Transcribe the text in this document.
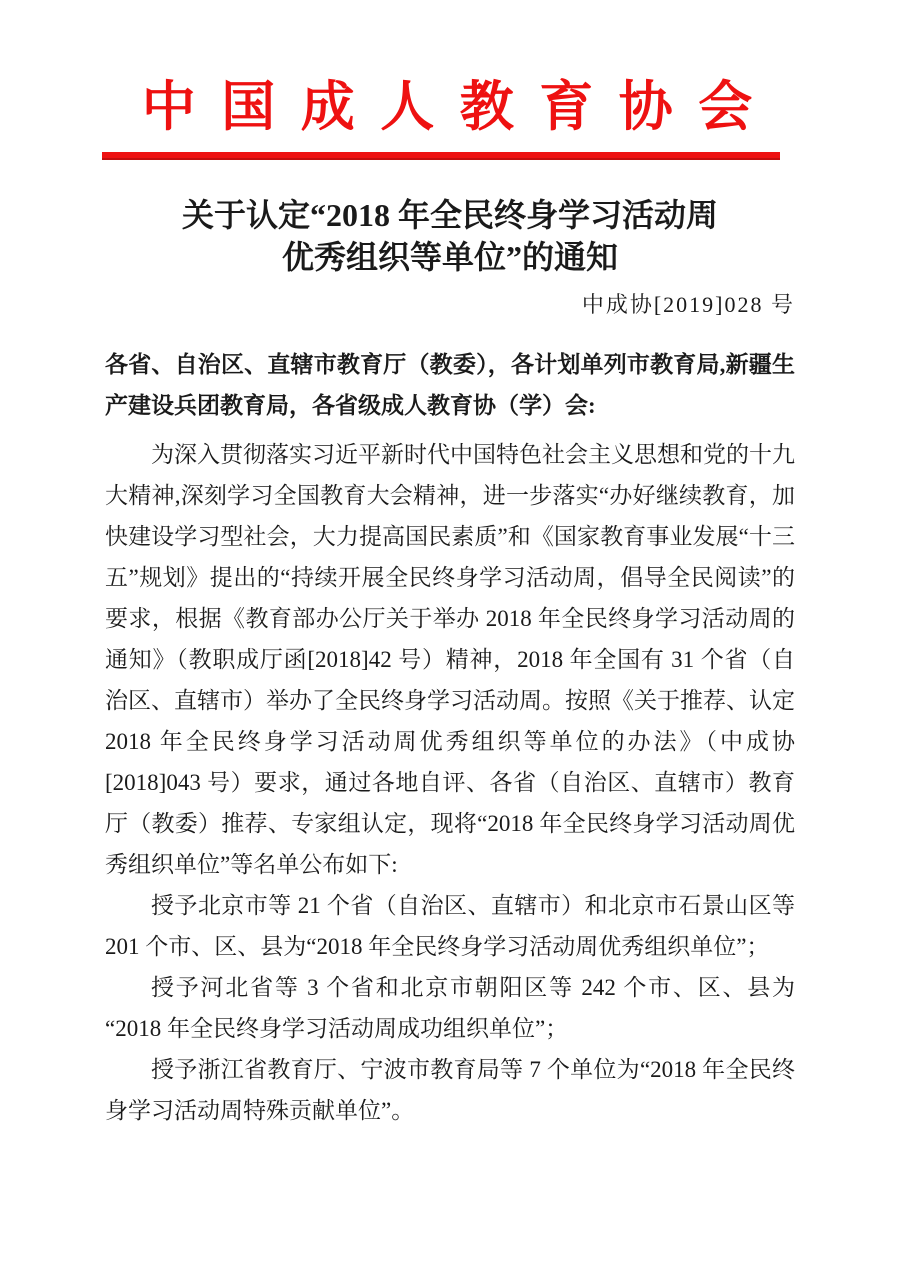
中 国 成 人 教 育 协 会
关于认定“2018 年全民终身学习活动周
优秀组织等单位”的通知
中成协[2019]028 号

各省、自治区、直辖市教育厅（教委），各计划单列市教育局,新疆生产建设兵团教育局，各省级成人教育协（学）会:

为深入贯彻落实习近平新时代中国特色社会主义思想和党的十九大精神,深刻学习全国教育大会精神，进一步落实“办好继续教育，加快建设学习型社会，大力提高国民素质”和《国家教育事业发展“十三五”规划》提出的“持续开展全民终身学习活动周，倡导全民阅读”的要求，根据《教育部办公厅关于举办 2018 年全民终身学习活动周的通知》（教职成厅函[2018]42 号）精神，2018 年全国有 31 个省（自治区、直辖市）举办了全民终身学习活动周。按照《关于推荐、认定 2018 年全民终身学习活动周优秀组织等单位的办法》（中成协[2018]043 号）要求，通过各地自评、各省（自治区、直辖市）教育厅（教委）推荐、专家组认定，现将“2018 年全民终身学习活动周优秀组织单位”等名单公布如下:

授予北京市等 21 个省（自治区、直辖市）和北京市石景山区等 201 个市、区、县为“2018 年全民终身学习活动周优秀组织单位”；

授予河北省等 3 个省和北京市朝阳区等 242 个市、区、县为“2018 年全民终身学习活动周成功组织单位”；

授予浙江省教育厅、宁波市教育局等 7 个单位为“2018 年全民终身学习活动周特殊贡献单位”。
